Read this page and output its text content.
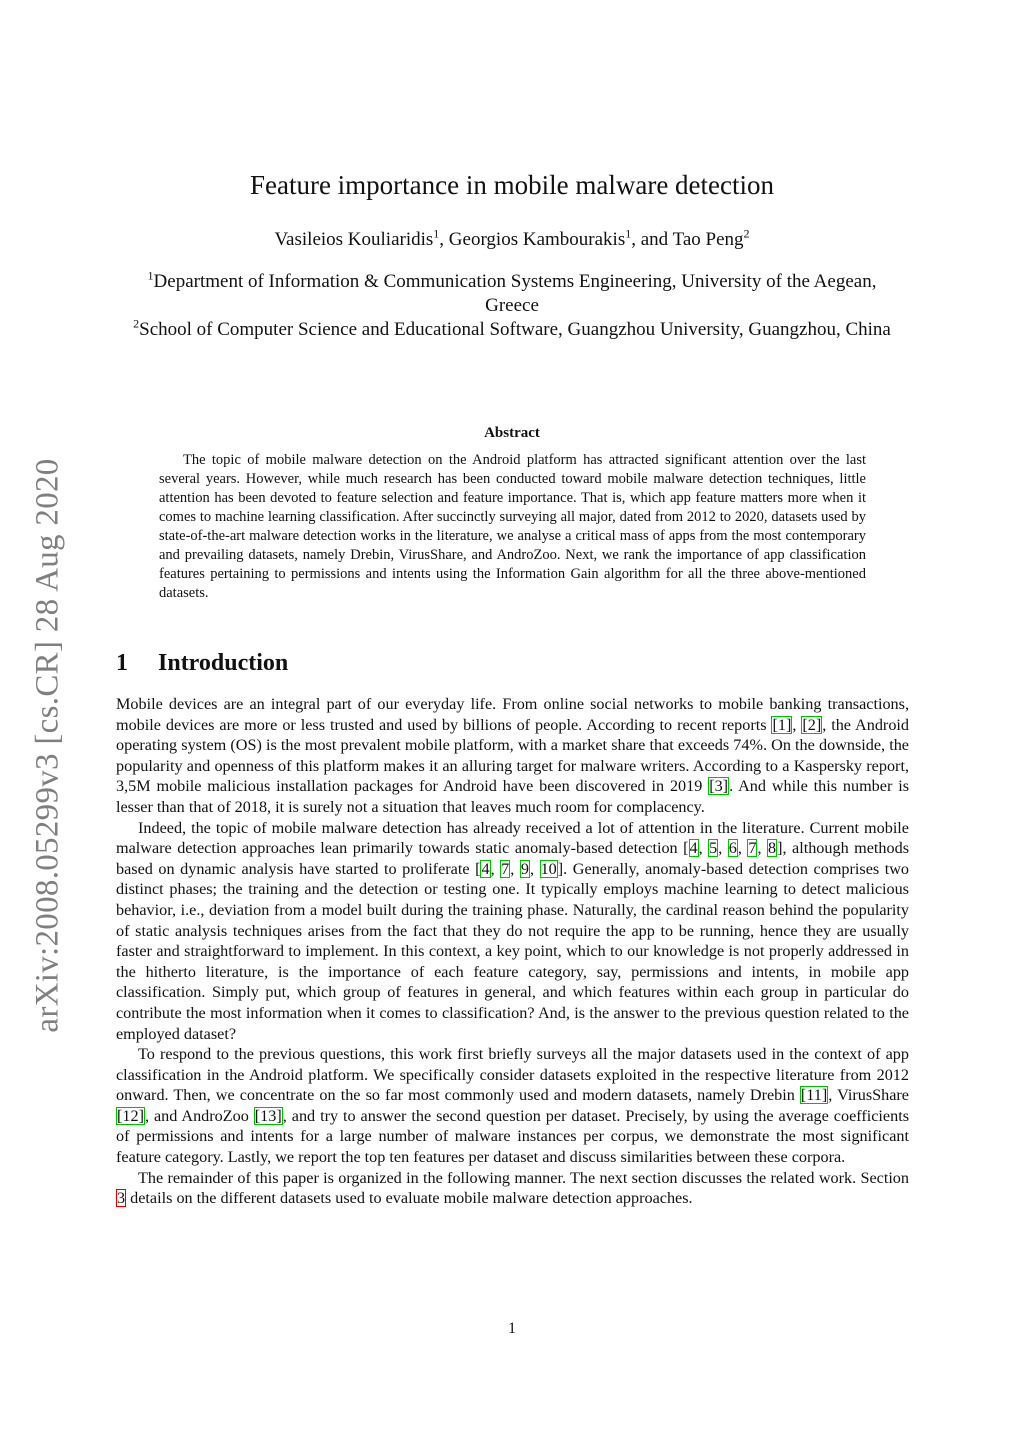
arXiv:2008.05299v3 [cs.CR] 28 Aug 2020
Feature importance in mobile malware detection
Vasileios Kouliaridis$^1$, Georgios Kambourakis$^1$, and Tao Peng$^2$
$^1$Department of Information & Communication Systems Engineering, University of the Aegean, Greece
$^2$School of Computer Science and Educational Software, Guangzhou University, Guangzhou, China
Abstract
The topic of mobile malware detection on the Android platform has attracted significant attention over the last several years. However, while much research has been conducted toward mobile malware detection techniques, little attention has been devoted to feature selection and feature importance. That is, which app feature matters more when it comes to machine learning classification. After succinctly surveying all major, dated from 2012 to 2020, datasets used by state-of-the-art malware detection works in the literature, we analyse a critical mass of apps from the most contemporary and prevailing datasets, namely Drebin, VirusShare, and AndroZoo. Next, we rank the importance of app classification features pertaining to permissions and intents using the Information Gain algorithm for all the three above-mentioned datasets.
1 Introduction

Mobile devices are an integral part of our everyday life. From online social networks to mobile banking transactions, mobile devices are more or less trusted and used by billions of people. According to recent reports [1], [2], the Android operating system (OS) is the most prevalent mobile platform, with a market share that exceeds 74%. On the downside, the popularity and openness of this platform makes it an alluring target for malware writers. According to a Kaspersky report, 3,5M mobile malicious installation packages for Android have been discovered in 2019 [3]. And while this number is lesser than that of 2018, it is surely not a situation that leaves much room for complacency.

Indeed, the topic of mobile malware detection has already received a lot of attention in the literature. Current mobile malware detection approaches lean primarily towards static anomaly-based detection [4, 5, 6, 7, 8], although methods based on dynamic analysis have started to proliferate [4, 7, 9, 10]. Generally, anomaly-based detection comprises two distinct phases; the training and the detection or testing one. It typically employs machine learning to detect malicious behavior, i.e., deviation from a model built during the training phase. Naturally, the cardinal reason behind the popularity of static analysis techniques arises from the fact that they do not require the app to be running, hence they are usually faster and straightforward to implement. In this context, a key point, which to our knowledge is not properly addressed in the hitherto literature, is the importance of each feature category, say, permissions and intents, in mobile app classification. Simply put, which group of features in general, and which features within each group in particular do contribute the most information when it comes to classification? And, is the answer to the previous question related to the employed dataset?

To respond to the previous questions, this work first briefly surveys all the major datasets used in the context of app classification in the Android platform. We specifically consider datasets exploited in the respective literature from 2012 onward. Then, we concentrate on the so far most commonly used and modern datasets, namely Drebin [11], VirusShare [12], and AndroZoo [13], and try to answer the second question per dataset. Precisely, by using the average coefficients of permissions and intents for a large number of malware instances per corpus, we demonstrate the most significant feature category. Lastly, we report the top ten features per dataset and discuss similarities between these corpora.

The remainder of this paper is organized in the following manner. The next section discusses the related work. Section 3 details on the different datasets used to evaluate mobile malware detection approaches.

1
